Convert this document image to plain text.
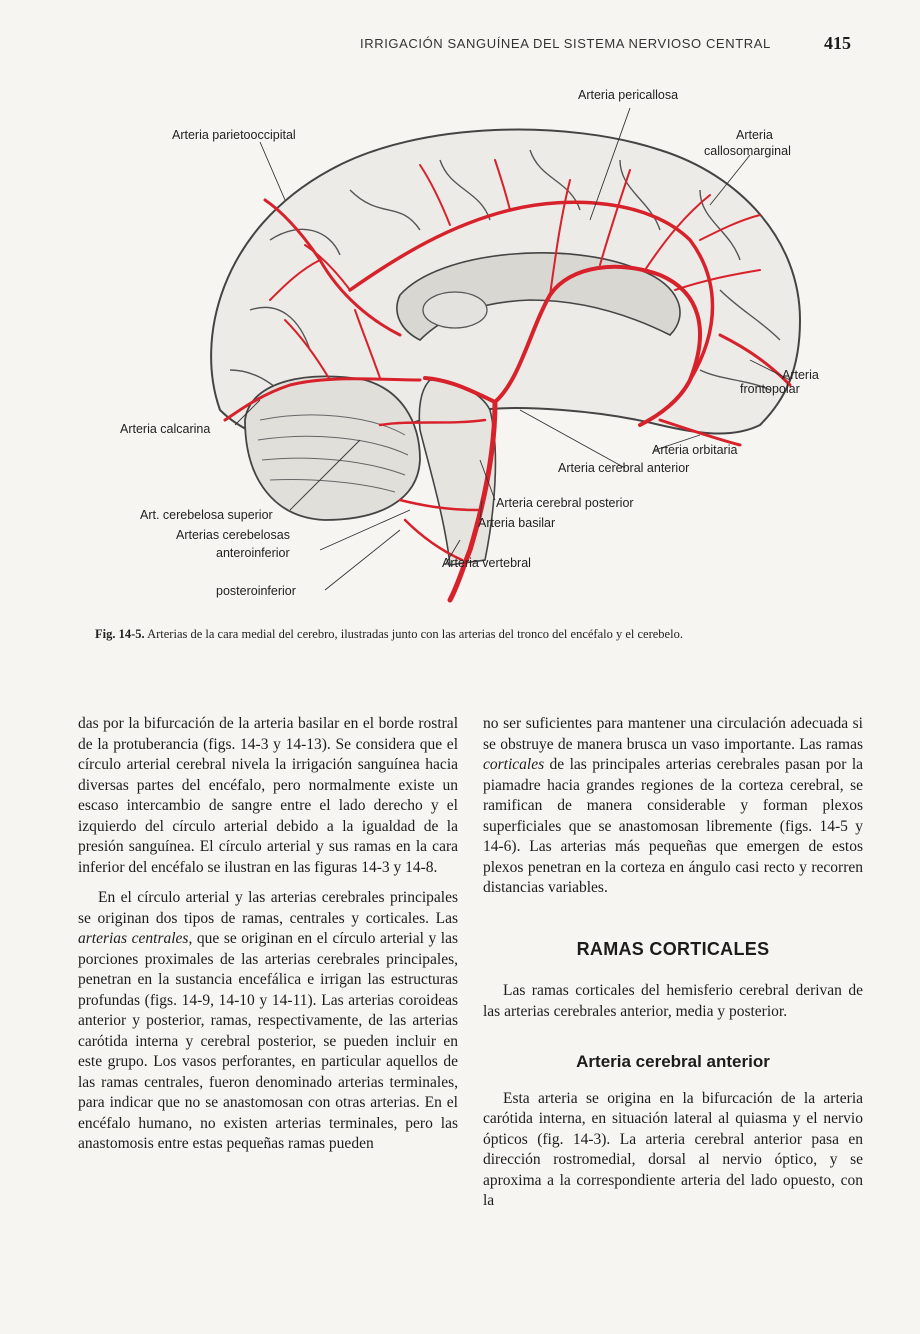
IRRIGACIÓN SANGUÍNEA DEL SISTEMA NERVIOSO CENTRAL	415
Arteria pericallosa
Arteria parietooccipital	Arteria
callosomarginal
Arteria
frontopolar
Arteria calcarina
Arteria orbitaria
Arteria cerebral anterior
Arteria cerebral posterior
Art. cerebelosa superior
Arteria basilar
Arterias cerebelosas
anteroinferior
Arteria vertebral
posteroinferior
Fig. 14-5. Arterias de la cara medial del cerebro, ilustradas junto con las arterias del tronco del encéfalo y el cerebelo.

das por la bifurcación de la arteria basilar en el borde rostral de la protuberancia (figs. 14-3 y 14-13). Se considera que el círculo arterial cerebral nivela la irrigación sanguínea hacia diversas partes del encéfalo, pero normalmente existe un escaso intercambio de sangre entre el lado derecho y el izquierdo del círculo arterial debido a la igualdad de la presión sanguínea. El círculo arterial y sus ramas en la cara inferior del encéfalo se ilustran en las figuras 14-3 y 14-8.

En el círculo arterial y las arterias cerebrales principales se originan dos tipos de ramas, centrales y corticales. Las arterias centrales, que se originan en el círculo arterial y las porciones proximales de las arterias cerebrales principales, penetran en la sustancia encefálica e irrigan las estructuras profundas (figs. 14-9, 14-10 y 14-11). Las arterias coroideas anterior y posterior, ramas, respectivamente, de las arterias carótida interna y cerebral posterior, se pueden incluir en este grupo. Los vasos perforantes, en particular aquellos de las ramas centrales, fueron denominado arterias terminales, para indicar que no se anastomosan con otras arterias. En el encéfalo humano, no existen arterias terminales, pero las anastomosis entre estas pequeñas ramas pueden

no ser suficientes para mantener una circulación adecuada si se obstruye de manera brusca un vaso importante. Las ramas corticales de las principales arterias cerebrales pasan por la piamadre hacia grandes regiones de la corteza cerebral, se ramifican de manera considerable y forman plexos superficiales que se anastomosan libremente (figs. 14-5 y 14-6). Las arterias más pequeñas que emergen de estos plexos penetran en la corteza en ángulo casi recto y recorren distancias variables.

RAMAS CORTICALES

Las ramas corticales del hemisferio cerebral derivan de las arterias cerebrales anterior, media y posterior.

Arteria cerebral anterior

Esta arteria se origina en la bifurcación de la arteria carótida interna, en situación lateral al quiasma y el nervio ópticos (fig. 14-3). La arteria cerebral anterior pasa en dirección rostromedial, dorsal al nervio óptico, y se aproxima a la correspondiente arteria del lado opuesto, con la
